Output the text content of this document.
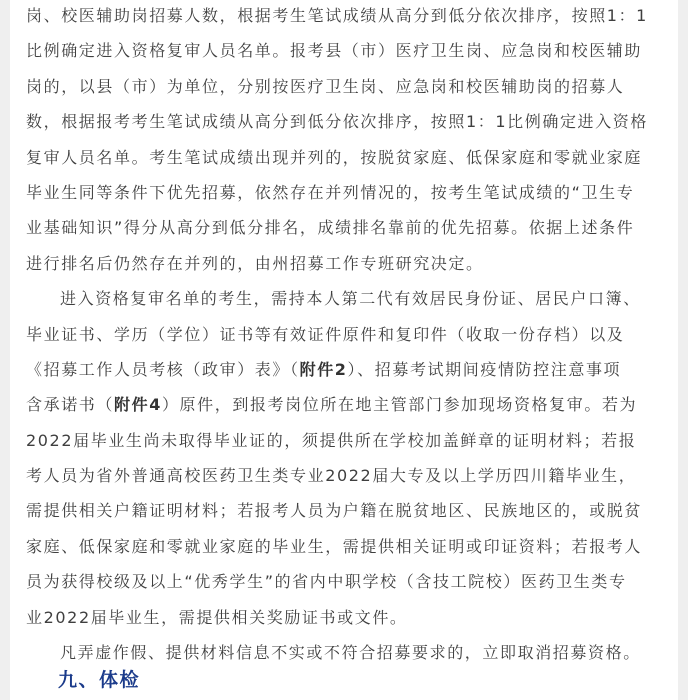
岗、校医辅助岗招募人数，根据考生笔试成绩从高分到低分依次排序，按照1：1
比例确定进入资格复审人员名单。报考县（市）医疗卫生岗、应急岗和校医辅助
岗的，以县（市）为单位，分别按医疗卫生岗、应急岗和校医辅助岗的招募人
数，根据报考考生笔试成绩从高分到低分依次排序，按照1：1比例确定进入资格
复审人员名单。考生笔试成绩出现并列的，按脱贫家庭、低保家庭和零就业家庭
毕业生同等条件下优先招募，依然存在并列情况的，按考生笔试成绩的“卫生专
业基础知识”得分从高分到低分排名，成绩排名靠前的优先招募。依据上述条件
进行排名后仍然存在并列的，由州招募工作专班研究决定。
进入资格复审名单的考生，需持本人第二代有效居民身份证、居民户口簿、
毕业证书、学历（学位）证书等有效证件原件和复印件（收取一份存档）以及
《招募工作人员考核（政审）表》（附件2）、招募考试期间疫情防控注意事项
含承诺书（附件4）原件，到报考岗位所在地主管部门参加现场资格复审。若为
2022届毕业生尚未取得毕业证的，须提供所在学校加盖鲜章的证明材料；若报
考人员为省外普通高校医药卫生类专业2022届大专及以上学历四川籍毕业生，
需提供相关户籍证明材料；若报考人员为户籍在脱贫地区、民族地区的，或脱贫
家庭、低保家庭和零就业家庭的毕业生，需提供相关证明或印证资料；若报考人
员为获得校级及以上“优秀学生”的省内中职学校（含技工院校）医药卫生类专
业2022届毕业生，需提供相关奖励证书或文件。
凡弄虚作假、提供材料信息不实或不符合招募要求的，立即取消招募资格。
九、体检
